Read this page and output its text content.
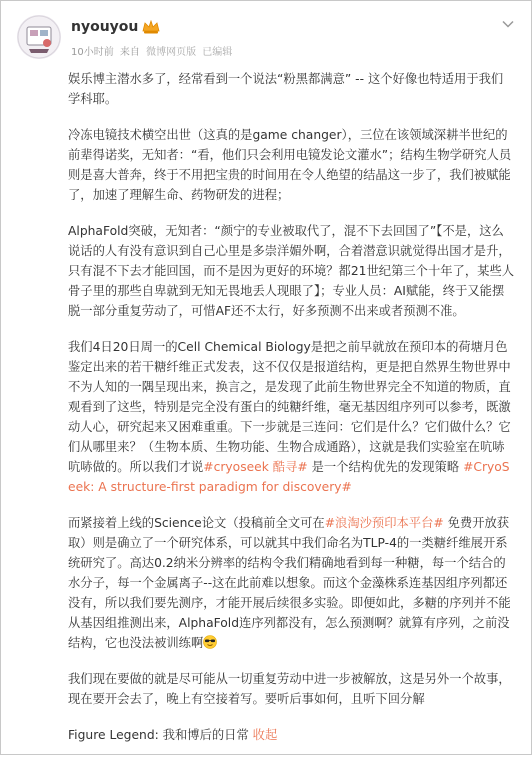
nyouyou
10小时前 来自 微博网页版 已编辑

娱乐博主潜水多了，经常看到一个说法“粉黑都满意” -- 这个好像也特适用于我们学科耶。

冷冻电镜技术横空出世（这真的是game changer），三位在该领域深耕半世纪的前辈得诺奖，无知者：“看，他们只会利用电镜发论文灌水”；结构生物学研究人员则是喜大普奔，终于不用把宝贵的时间用在令人绝望的结晶这一步了，我们被赋能了，加速了理解生命、药物研发的进程；

AlphaFold突破，无知者：“颜宁的专业被取代了，混不下去回国了”【不是，这么说话的人有没有意识到自己心里是多崇洋媚外啊，合着潜意识就觉得出国才是升，只有混不下去才能回国，而不是因为更好的环境？都21世纪第三个十年了，某些人骨子里的那些自卑就到无知无畏地丢人现眼了】；专业人员：AI赋能，终于又能摆脱一部分重复劳动了，可惜AF还不太行，好多预测不出来或者预测不准。

我们4日20日周一的Cell Chemical Biology是把之前早就放在预印本的荷塘月色鉴定出来的若干糖纤维正式发表，这不仅仅是报道结构，更是把自然界生物世界中不为人知的一隅呈现出来，换言之，是发现了此前生物世界完全不知道的物质，直观看到了这些，特别是完全没有蛋白的纯糖纤维，毫无基因组序列可以参考，既激动人心，研究起来又困难重重。下一步就是三连问：它们是什么？它们做什么？它们从哪里来？（生物本质、生物功能、生物合成通路），这就是我们实验室在吭哧吭哧做的。所以我们才说#cryoseek 酷寻# 是一个结构优先的发现策略 #CryoSeek: A structure-first paradigm for discovery#

而紧接着上线的Science论文（投稿前全文可在#浪淘沙预印本平台# 免费开放获取）则是确立了一个研究体系，可以就其中我们命名为TLP-4的一类糖纤维展开系统研究了。高达0.2纳米分辨率的结构令我们精确地看到每一种糖，每一个结合的水分子，每一个金属离子--这在此前难以想象。而这个金藻株系连基因组序列都还没有，所以我们要先测序，才能开展后续很多实验。即便如此，多糖的序列并不能从基因组推测出来，AlphaFold连序列都没有，怎么预测啊？就算有序列，之前没结构，它也没法被训练啊

我们现在要做的就是尽可能从一切重复劳动中进一步被解放，这是另外一个故事，现在要开会去了，晚上有空接着写。要听后事如何，且听下回分解

Figure Legend: 我和博后的日常 收起
